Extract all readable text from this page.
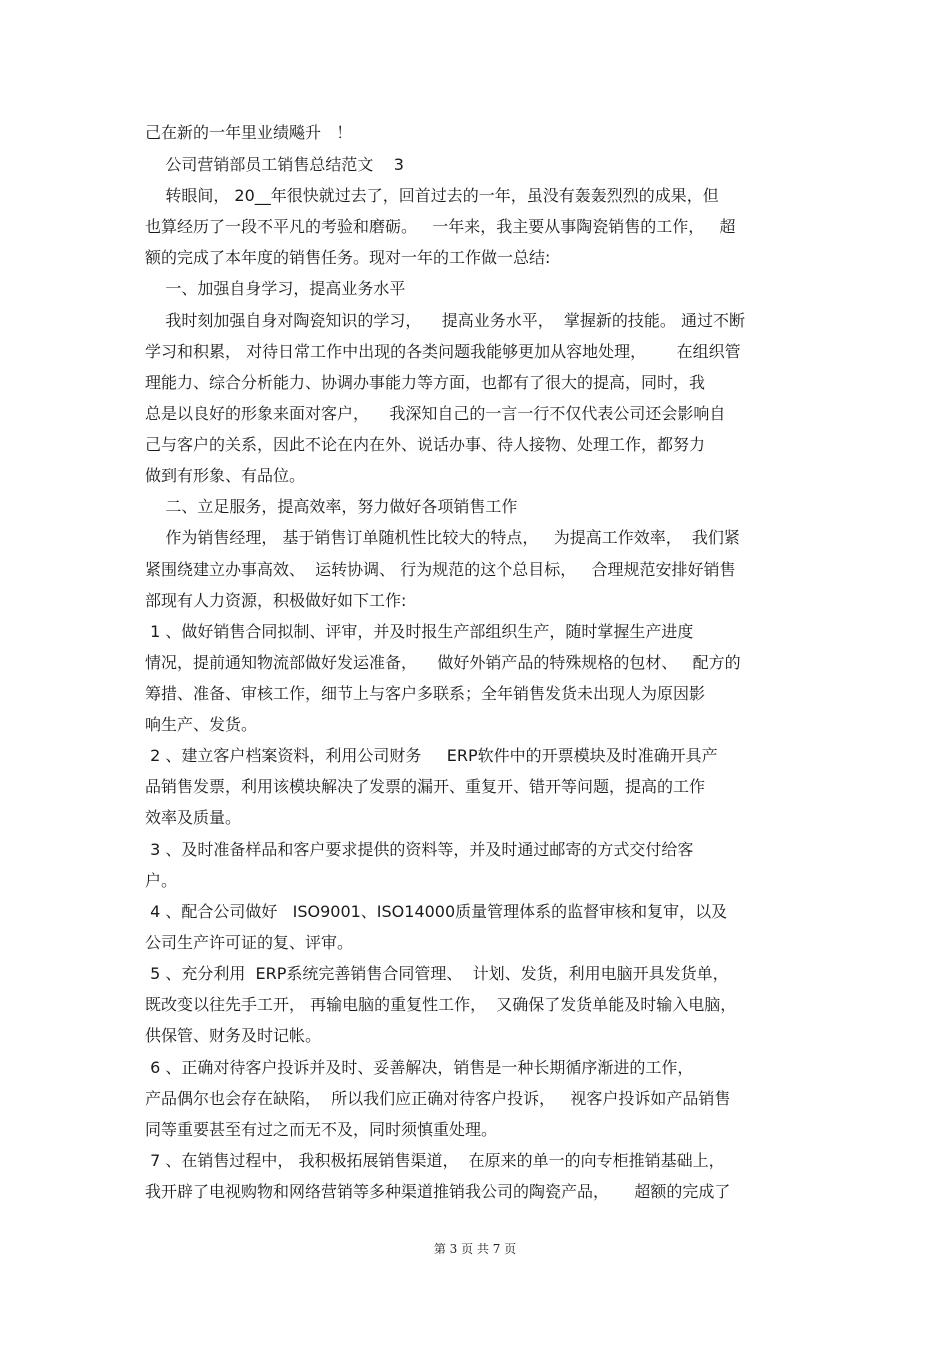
己在新的一年里业绩飚升   ！

公司营销部员工销售总结范文    3

转眼间， 20__年很快就过去了，回首过去的一年，虽没有轰轰烈烈的成果，但

也算经历了一段不平凡的考验和磨砺。   一年来，我主要从事陶瓷销售的工作，   超

额的完成了本年度的销售任务。现对一年的工作做一总结:

一、加强自身学习，提高业务水平

我时刻加强自身对陶瓷知识的学习，    提高业务水平，  掌握新的技能。 通过不断

学习和积累， 对待日常工作中出现的各类问题我能够更加从容地处理，      在组织管

理能力、综合分析能力、协调办事能力等方面，也都有了很大的提高，同时，我

总是以良好的形象来面对客户，    我深知自己的一言一行不仅代表公司还会影响自

己与客户的关系，因此不论在内在外、说话办事、待人接物、处理工作，都努力

做到有形象、有品位。

二、立足服务，提高效率，努力做好各项销售工作

作为销售经理， 基于销售订单随机性比较大的特点，   为提高工作效率，  我们紧

紧围绕建立办事高效、  运转协调、 行为规范的这个总目标，   合理规范安排好销售

部现有人力资源，积极做好如下工作:

1 、做好销售合同拟制、评审，并及时报生产部组织生产，随时掌握生产进度

情况，提前通知物流部做好发运准备，    做好外销产品的特殊规格的包材、   配方的

筹措、准备、审核工作，细节上与客户多联系；全年销售发货未出现人为原因影

响生产、发货。

2 、建立客户档案资料，利用公司财务     ERP软件中的开票模块及时准确开具产

品销售发票，利用该模块解决了发票的漏开、重复开、错开等问题，提高的工作

效率及质量。

3 、及时准备样品和客户要求提供的资料等，并及时通过邮寄的方式交付给客

户。

4 、配合公司做好   ISO9001、ISO14000质量管理体系的监督审核和复审，以及

公司生产许可证的复、评审。

5 、充分利用  ERP系统完善销售合同管理、  计划、发货，利用电脑开具发货单，

既改变以往先手工开， 再输电脑的重复性工作，  又确保了发货单能及时输入电脑，

供保管、财务及时记帐。

6 、正确对待客户投诉并及时、妥善解决，销售是一种长期循序渐进的工作，

产品偶尔也会存在缺陷，  所以我们应正确对待客户投诉，   视客户投诉如产品销售

同等重要甚至有过之而无不及，同时须慎重处理。

7 、在销售过程中， 我积极拓展销售渠道，  在原来的单一的向专柜推销基础上，

我开辟了电视购物和网络营销等多种渠道推销我公司的陶瓷产品，     超额的完成了

第 3 页 共 7 页
